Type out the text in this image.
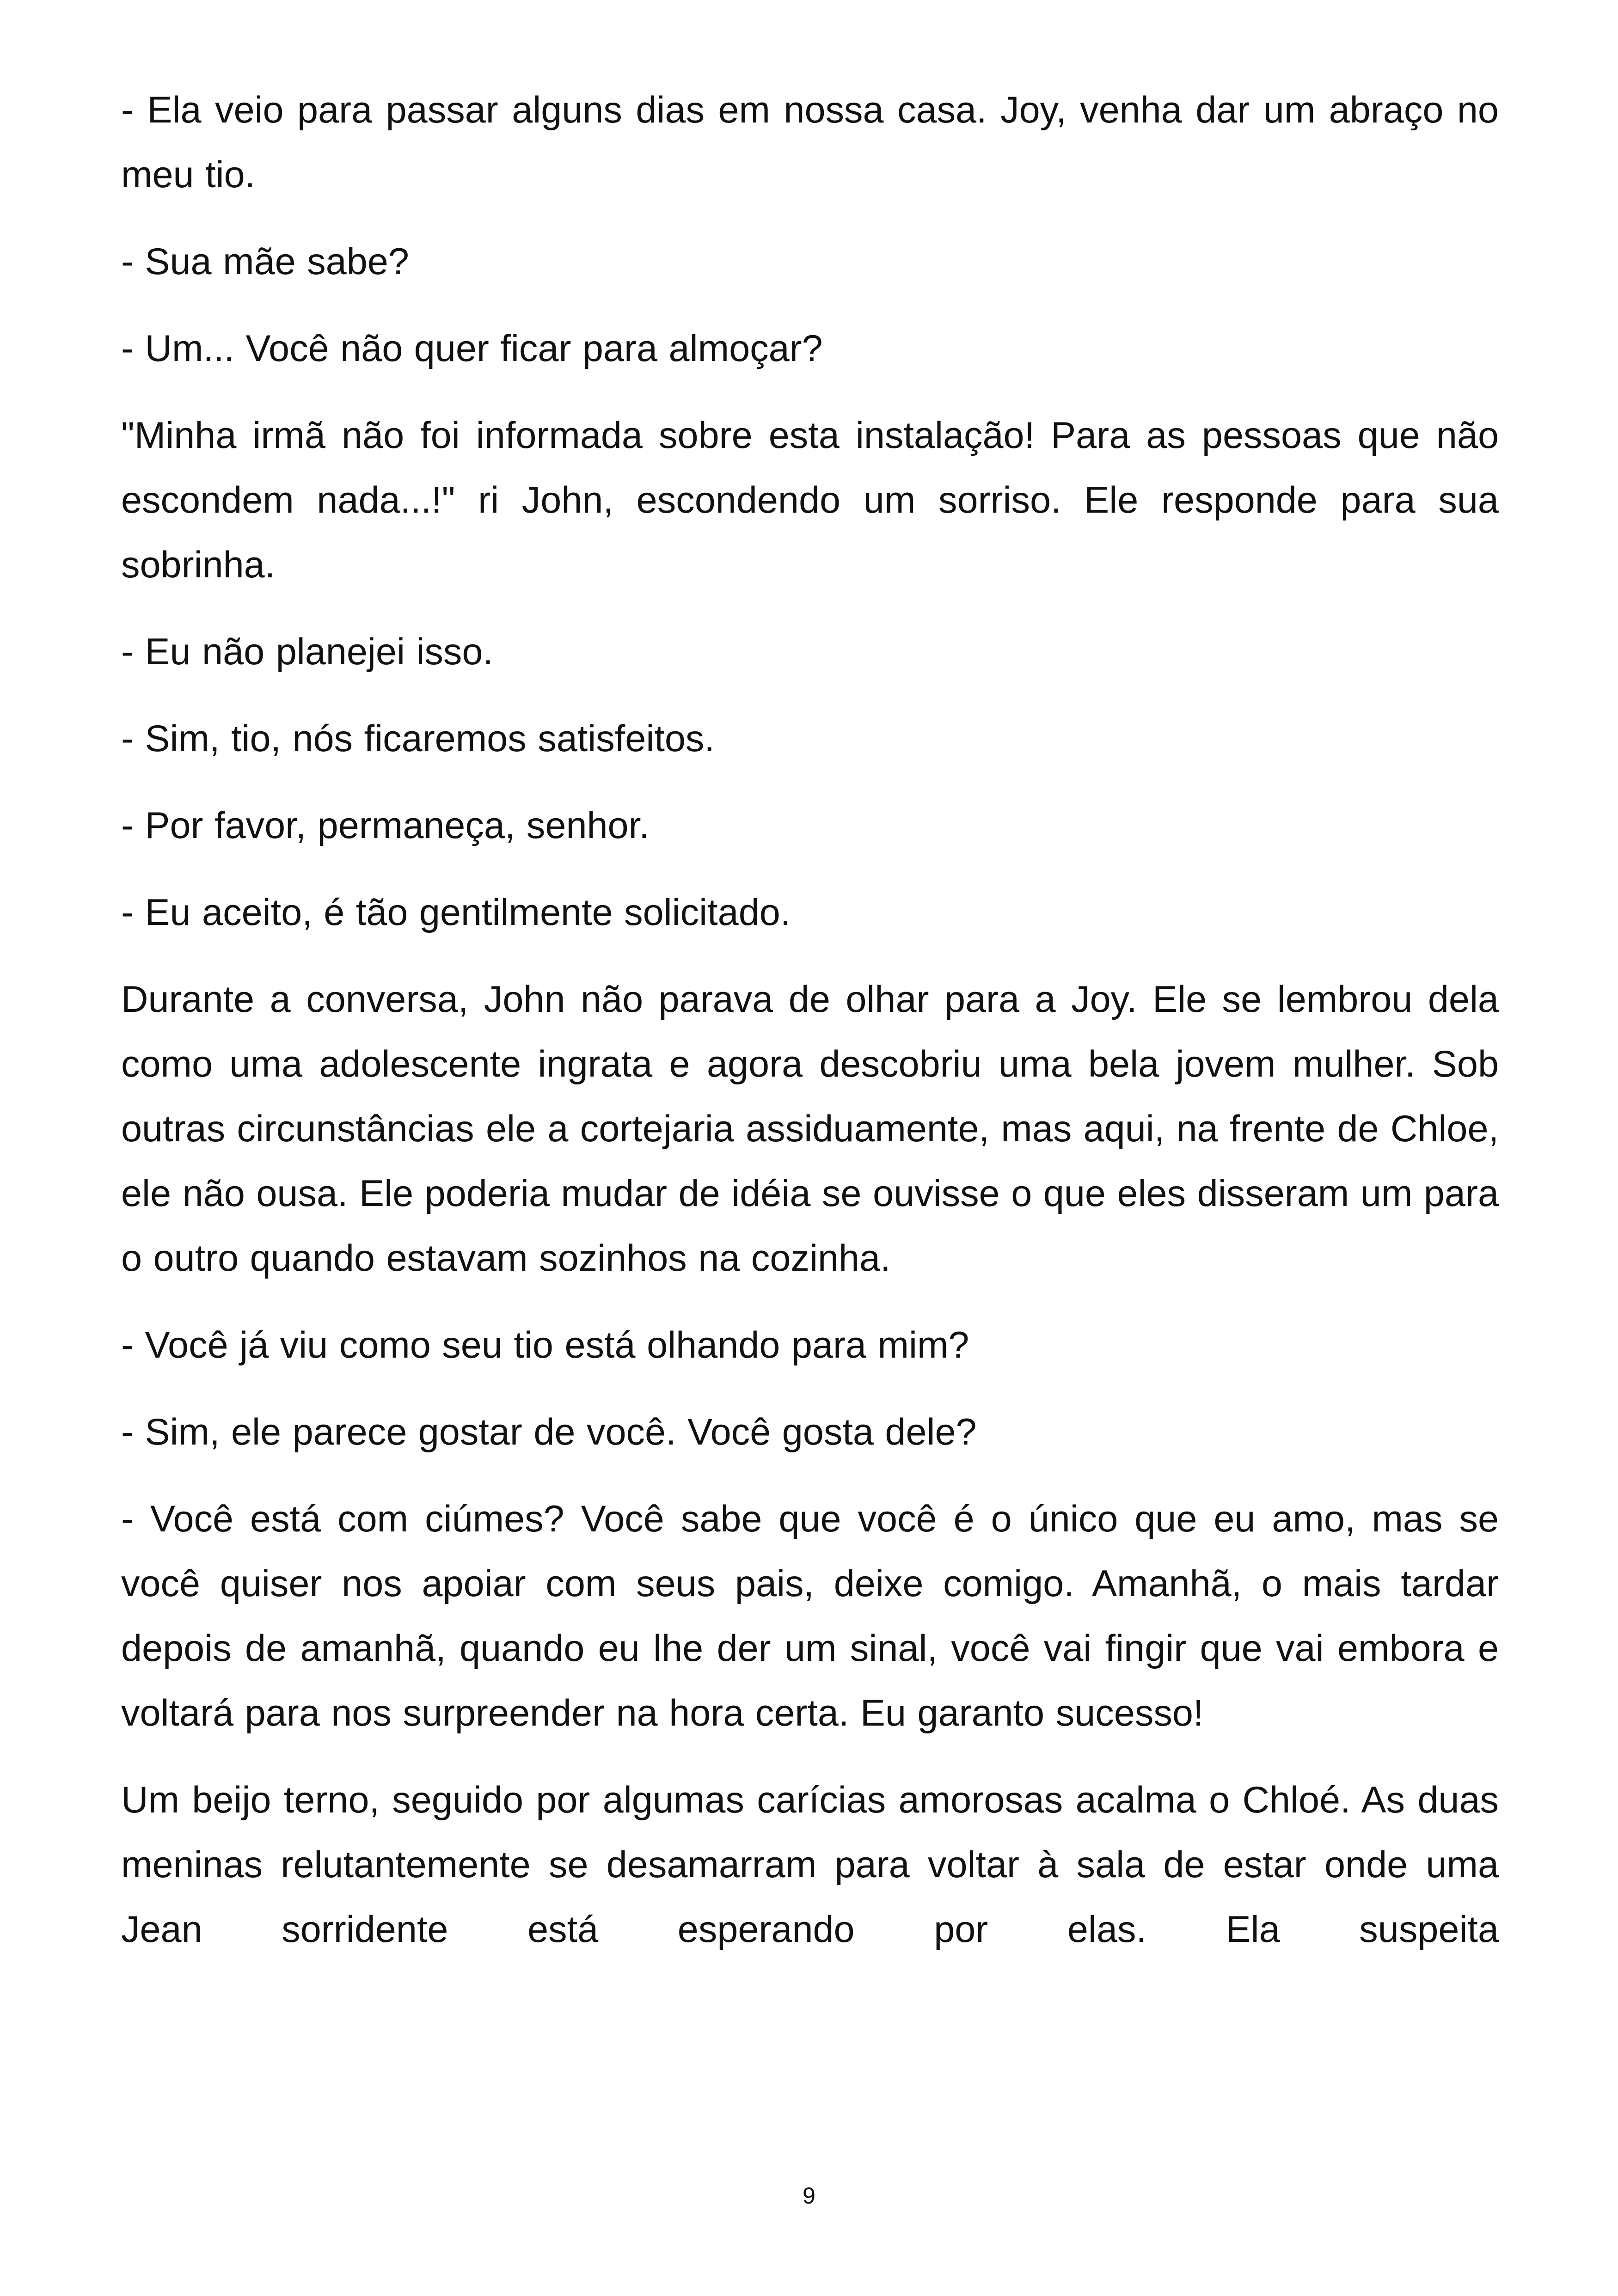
- Ela veio para passar alguns dias em nossa casa. Joy, venha dar um abraço no meu tio.

- Sua mãe sabe?

- Um... Você não quer ficar para almoçar?

"Minha irmã não foi informada sobre esta instalação! Para as pessoas que não escondem nada...!" ri John, escondendo um sorriso. Ele responde para sua sobrinha.

- Eu não planejei isso.

- Sim, tio, nós ficaremos satisfeitos.

- Por favor, permaneça, senhor.

- Eu aceito, é tão gentilmente solicitado.

Durante a conversa, John não parava de olhar para a Joy. Ele se lembrou dela como uma adolescente ingrata e agora descobriu uma bela jovem mulher. Sob outras circunstâncias ele a cortejaria assiduamente, mas aqui, na frente de Chloe, ele não ousa. Ele poderia mudar de idéia se ouvisse o que eles disseram um para o outro quando estavam sozinhos na cozinha.

- Você já viu como seu tio está olhando para mim?

- Sim, ele parece gostar de você. Você gosta dele?

- Você está com ciúmes? Você sabe que você é o único que eu amo, mas se você quiser nos apoiar com seus pais, deixe comigo. Amanhã, o mais tardar depois de amanhã, quando eu lhe der um sinal, você vai fingir que vai embora e voltará para nos surpreender na hora certa. Eu garanto sucesso!

Um beijo terno, seguido por algumas carícias amorosas acalma o Chloé. As duas meninas relutantemente se desamarram para voltar à sala de estar onde uma Jean sorridente está esperando por elas. Ela suspeita

9
